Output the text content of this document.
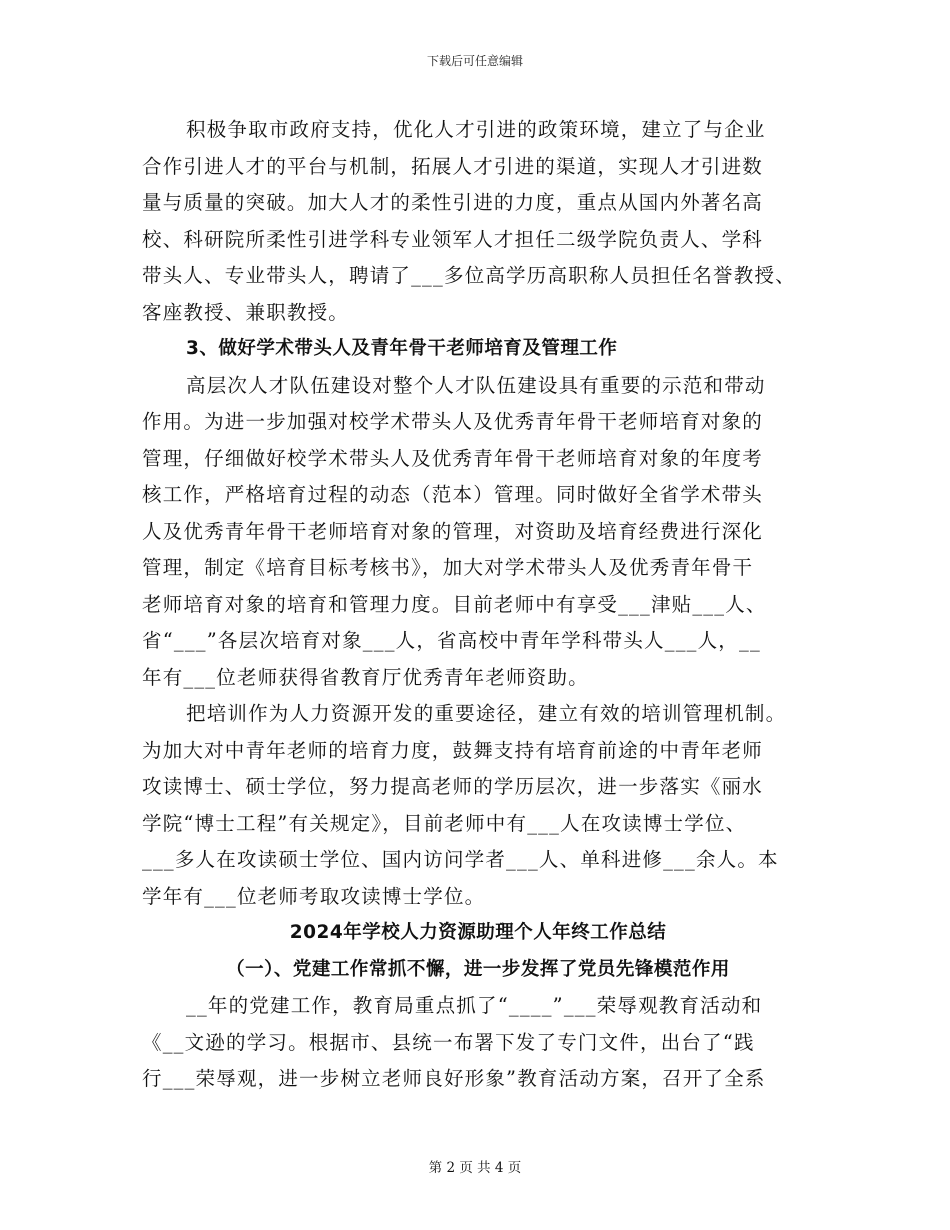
下载后可任意编辑
积极争取市政府支持，优化人才引进的政策环境，建立了与企业
合作引进人才的平台与机制，拓展人才引进的渠道，实现人才引进数
量与质量的突破。加大人才的柔性引进的力度，重点从国内外著名高
校、科研院所柔性引进学科专业领军人才担任二级学院负责人、学科
带头人、专业带头人，聘请了___多位高学历高职称人员担任名誉教授、
客座教授、兼职教授。
3、做好学术带头人及青年骨干老师培育及管理工作
高层次人才队伍建设对整个人才队伍建设具有重要的示范和带动
作用。为进一步加强对校学术带头人及优秀青年骨干老师培育对象的
管理，仔细做好校学术带头人及优秀青年骨干老师培育对象的年度考
核工作，严格培育过程的动态（范本）管理。同时做好全省学术带头
人及优秀青年骨干老师培育对象的管理，对资助及培育经费进行深化
管理，制定《培育目标考核书》，加大对学术带头人及优秀青年骨干
老师培育对象的培育和管理力度。目前老师中有享受___津贴___人、
省“___”各层次培育对象___人，省高校中青年学科带头人___人，__
年有___位老师获得省教育厅优秀青年老师资助。
把培训作为人力资源开发的重要途径，建立有效的培训管理机制。
为加大对中青年老师的培育力度，鼓舞支持有培育前途的中青年老师
攻读博士、硕士学位，努力提高老师的学历层次，进一步落实《丽水
学院“博士工程”有关规定》，目前老师中有___人在攻读博士学位、
___多人在攻读硕士学位、国内访问学者___人、单科进修___余人。本
学年有___位老师考取攻读博士学位。
2024年学校人力资源助理个人年终工作总结
（一）、党建工作常抓不懈，进一步发挥了党员先锋模范作用
__年的党建工作，教育局重点抓了“____”___荣辱观教育活动和
《__文逊的学习。根据市、县统一布署下发了专门文件，出台了“践
行___荣辱观，进一步树立老师良好形象”教育活动方案，召开了全系
第 2 页 共 4 页
